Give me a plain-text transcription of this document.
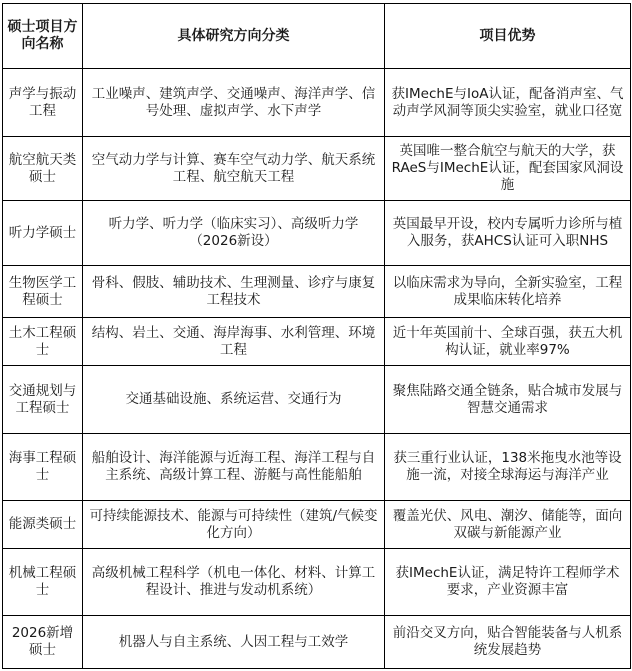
硕士项目方向名称	具体研究方向分类	项目优势
声学与振动工程	工业噪声、建筑声学、交通噪声、海洋声学、信号处理、虚拟声学、水下声学	获IMechE与IoA认证，配备消声室、气动声学风洞等顶尖实验室，就业口径宽
航空航天类硕士	空气动力学与计算、赛车空气动力学、航天系统工程、航空航天工程	英国唯一整合航空与航天的大学，获RAeS与IMechE认证，配套国家风洞设施
听力学硕士	听力学、听力学（临床实习）、高级听力学（2026新设）	英国最早开设，校内专属听力诊所与植入服务，获AHCS认证可入职NHS
生物医学工程硕士	骨科、假肢、辅助技术、生理测量、诊疗与康复工程技术	以临床需求为导向，全新实验室，工程成果临床转化培养
土木工程硕士	结构、岩土、交通、海岸海事、水利管理、环境工程	近十年英国前十、全球百强，获五大机构认证，就业率97%
交通规划与工程硕士	交通基础设施、系统运营、交通行为	聚焦陆路交通全链条，贴合城市发展与智慧交通需求
海事工程硕士	船舶设计、海洋能源与近海工程、海洋工程与自主系统、高级计算工程、游艇与高性能船舶	获三重行业认证，138米拖曳水池等设施一流，对接全球海运与海洋产业
能源类硕士	可持续能源技术、能源与可持续性（建筑/气候变化方向）	覆盖光伏、风电、潮汐、储能等，面向双碳与新能源产业
机械工程硕士	高级机械工程科学（机电一体化、材料、计算工程设计、推进与发动机系统）	获IMechE认证，满足特许工程师学术要求，产业资源丰富
2026新增硕士	机器人与自主系统、人因工程与工效学	前沿交叉方向，贴合智能装备与人机系统发展趋势
